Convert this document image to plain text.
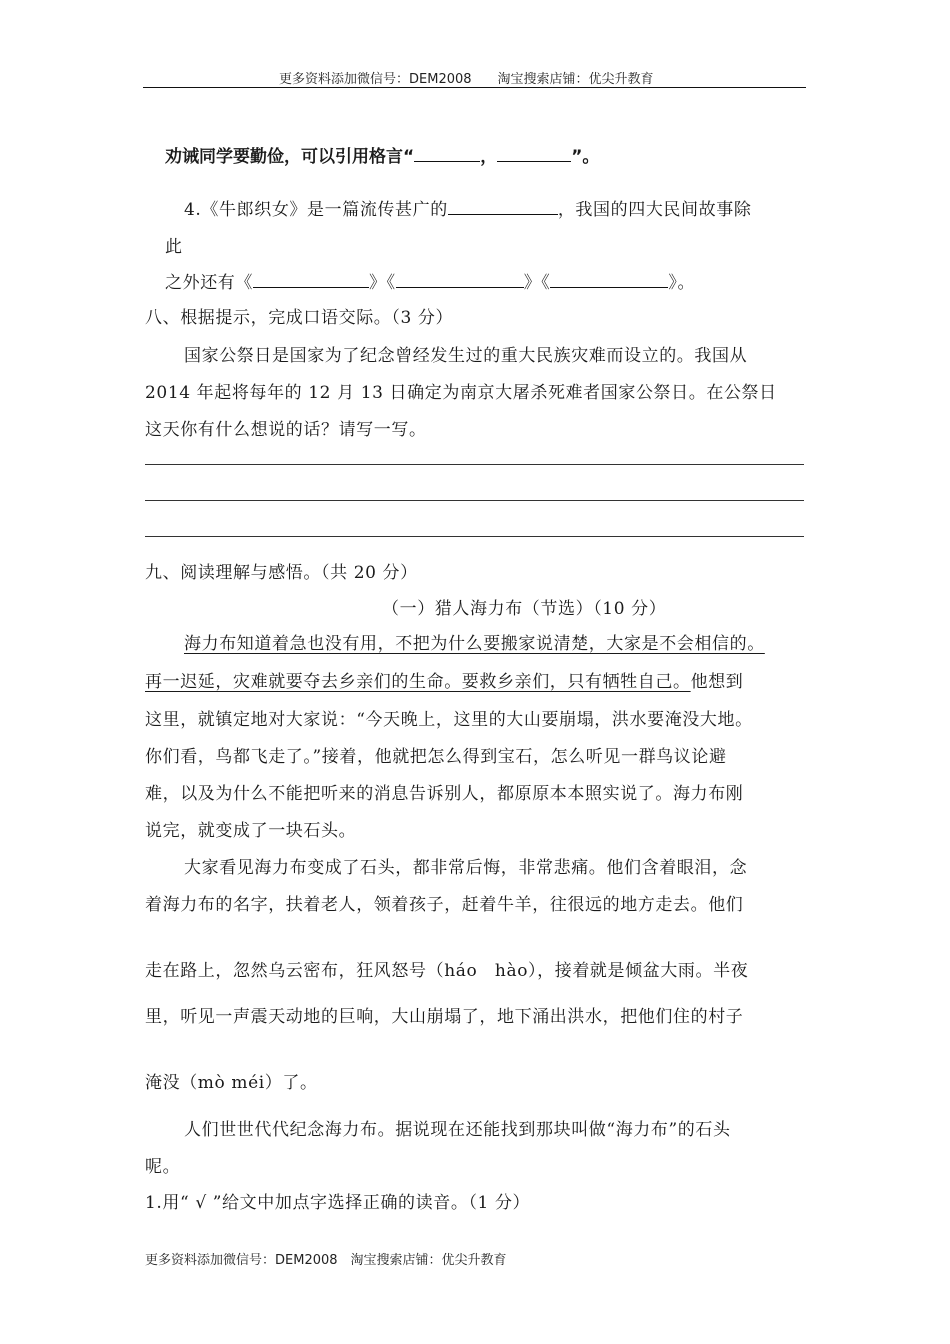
更多资料添加微信号：DEM2008　　淘宝搜索店铺：优尖升教育
劝诫同学要勤俭，可以引用格言“	，	”。
4.《牛郎织女》是一篇流传甚广的	，我国的四大民间故事除
此
之外还有《	》《	》《	》。
八、根据提示，完成口语交际。（3 分）
国家公祭日是国家为了纪念曾经发生过的重大民族灾难而设立的。我国从
2014 年起将每年的 12 月 13 日确定为南京大屠杀死难者国家公祭日。在公祭日
这天你有什么想说的话？请写一写。
九、阅读理解与感悟。（共 20 分）
（一）猎人海力布（节选）（10 分）
海力布知道着急也没有用，不把为什么要搬家说清楚，大家是不会相信的。
再一迟延，灾难就要夺去乡亲们的生命。要救乡亲们，只有牺牲自己。他想到
这里，就镇定地对大家说：“今天晚上，这里的大山要崩塌，洪水要淹没大地。
你们看，鸟都飞走了。”接着，他就把怎么得到宝石，怎么听见一群鸟议论避
难，以及为什么不能把听来的消息告诉别人，都原原本本照实说了。海力布刚
说完，就变成了一块石头。
大家看见海力布变成了石头，都非常后悔，非常悲痛。他们含着眼泪，念
着海力布的名字，扶着老人，领着孩子，赶着牛羊，往很远的地方走去。他们
走在路上，忽然乌云密布，狂风怒号（háo　hào），接着就是倾盆大雨。半夜
里，听见一声震天动地的巨响，大山崩塌了，地下涌出洪水，把他们住的村子
淹没（mò méi）了。
人们世世代代纪念海力布。据说现在还能找到那块叫做“海力布”的石头
呢。
1.用“ √ ”给文中加点字选择正确的读音。（1 分）
更多资料添加微信号：DEM2008　淘宝搜索店铺：优尖升教育
